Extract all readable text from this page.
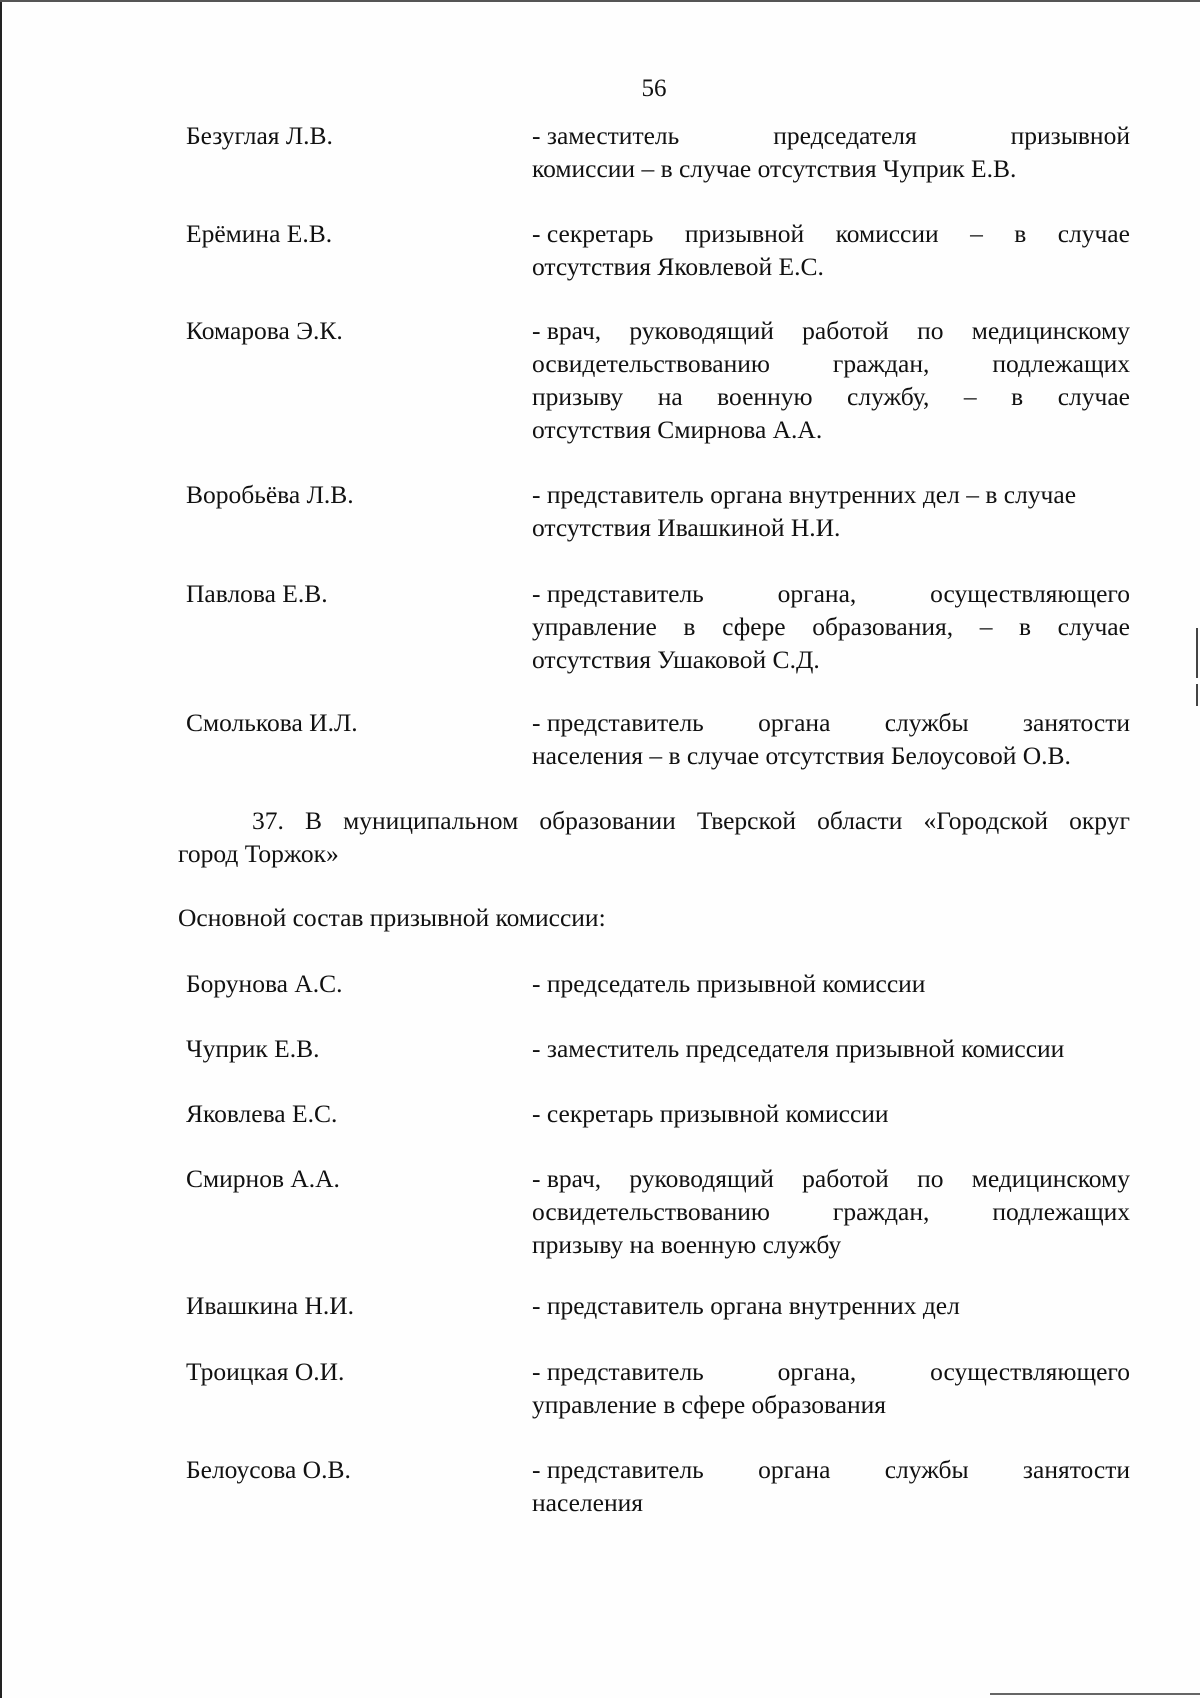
56
Безуглая Л.В.	- заместитель	председателя	призывной
комиссии – в случае отсутствия Чуприк Е.В.
Ерёмина Е.В.	- секретарь призывной комиссии – в случае
отсутствия Яковлевой Е.С.
Комарова Э.К.	- врач, руководящий работой по медицинскому
освидетельствованию граждан, подлежащих
призыву на военную службу, – в случае
отсутствия Смирнова А.А.
Воробьёва Л.В.	- представитель органа внутренних дел – в случае
отсутствия Ивашкиной Н.И.
Павлова Е.В.	- представитель	органа,	осуществляющего
управление в сфере образования, – в случае
отсутствия Ушаковой С.Д.
Смолькова И.Л.	- представитель органа службы занятости
населения – в случае отсутствия Белоусовой О.В.
37. В муниципальном образовании Тверской области «Городской округ
город Торжок»
Основной состав призывной комиссии:
Борунова А.С.	- председатель призывной комиссии
Чуприк Е.В.	- заместитель председателя призывной комиссии
Яковлева Е.С.	- секретарь призывной комиссии
Смирнов А.А.	- врач, руководящий работой по медицинскому
освидетельствованию граждан, подлежащих
призыву на военную службу
Ивашкина Н.И.	- представитель органа внутренних дел
Троицкая О.И.	- представитель	органа,	осуществляющего
управление в сфере образования
Белоусова О.В.	- представитель органа службы занятости
населения
